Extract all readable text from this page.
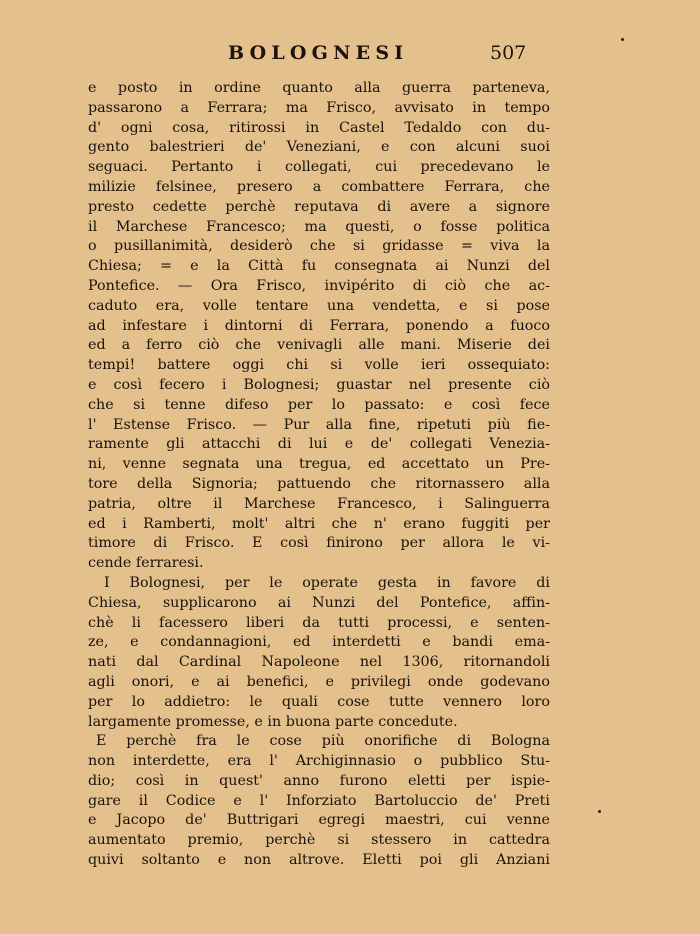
BOLOGNESI	507
e posto in ordine quanto alla guerra parteneva,
passarono a Ferrara; ma Frisco, avvisato in tempo
d' ogni cosa, ritirossi in Castel Tedaldo con du-
gento balestrieri de' Veneziani, e con alcuni suoi
seguaci. Pertanto i collegati, cui precedevano le
milizie felsinee, presero a combattere Ferrara, che
presto cedette perchè reputava di avere a signore
il Marchese Francesco; ma questi, o fosse politica
o pusillanimità, desiderò che si gridasse = viva la
Chiesa; = e la Città fu consegnata ai Nunzi del
Pontefice. — Ora Frisco, invipérito di ciò che ac-
caduto era, volle tentare una vendetta, e si pose
ad infestare i dintorni di Ferrara, ponendo a fuoco
ed a ferro ciò che venivagli alle mani. Miserie dei
tempi! battere oggi chi si volle ieri ossequiato:
e così fecero i Bolognesi; guastar nel presente ciò
che si tenne difeso per lo passato: e così fece
l' Estense Frisco. — Pur alla fine, ripetuti più fie-
ramente gli attacchi di lui e de' collegati Venezia-
ni, venne segnata una tregua, ed accettato un Pre-
tore della Signoria; pattuendo che ritornassero alla
patria, oltre il Marchese Francesco, i Salinguerra
ed i Ramberti, molt' altri che n' erano fuggiti per
timore di Frisco. E così finirono per allora le vi-
cende ferraresi.
I Bolognesi, per le operate gesta in favore di
Chiesa, supplicarono ai Nunzi del Pontefice, affin-
chè li facessero liberi da tutti processi, e senten-
ze, e condannagioni, ed interdetti e bandi ema-
nati dal Cardinal Napoleone nel 1306, ritornandoli
agli onori, e ai benefici, e privilegi onde godevano
per lo addietro: le quali cose tutte vennero loro
largamente promesse, e in buona parte concedute.
E perchè fra le cose più onorifiche di Bologna
non interdette, era l' Archiginnasio o pubblico Stu-
dio; così in quest' anno furono eletti per ispie-
gare il Codice e l' Inforziato Bartoluccio de' Preti
e Jacopo de' Buttrigari egregi maestri, cui venne
aumentato premio, perchè si stessero in cattedra
quivi soltanto e non altrove. Eletti poi gli Anziani
